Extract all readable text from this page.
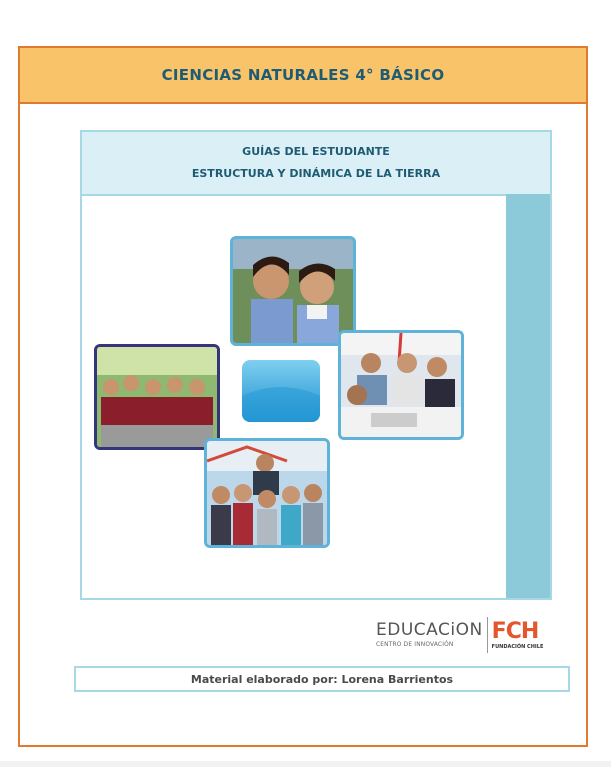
CIENCIAS NATURALES 4° BÁSICO
GUÍAS DEL ESTUDIANTE
ESTRUCTURA Y DINÁMICA DE LA TIERRA
EDUCACiON
CENTRO DE INNOVACIÓN
FCH
FUNDACIÓN CHILE
Material elaborado por: Lorena Barrientos
